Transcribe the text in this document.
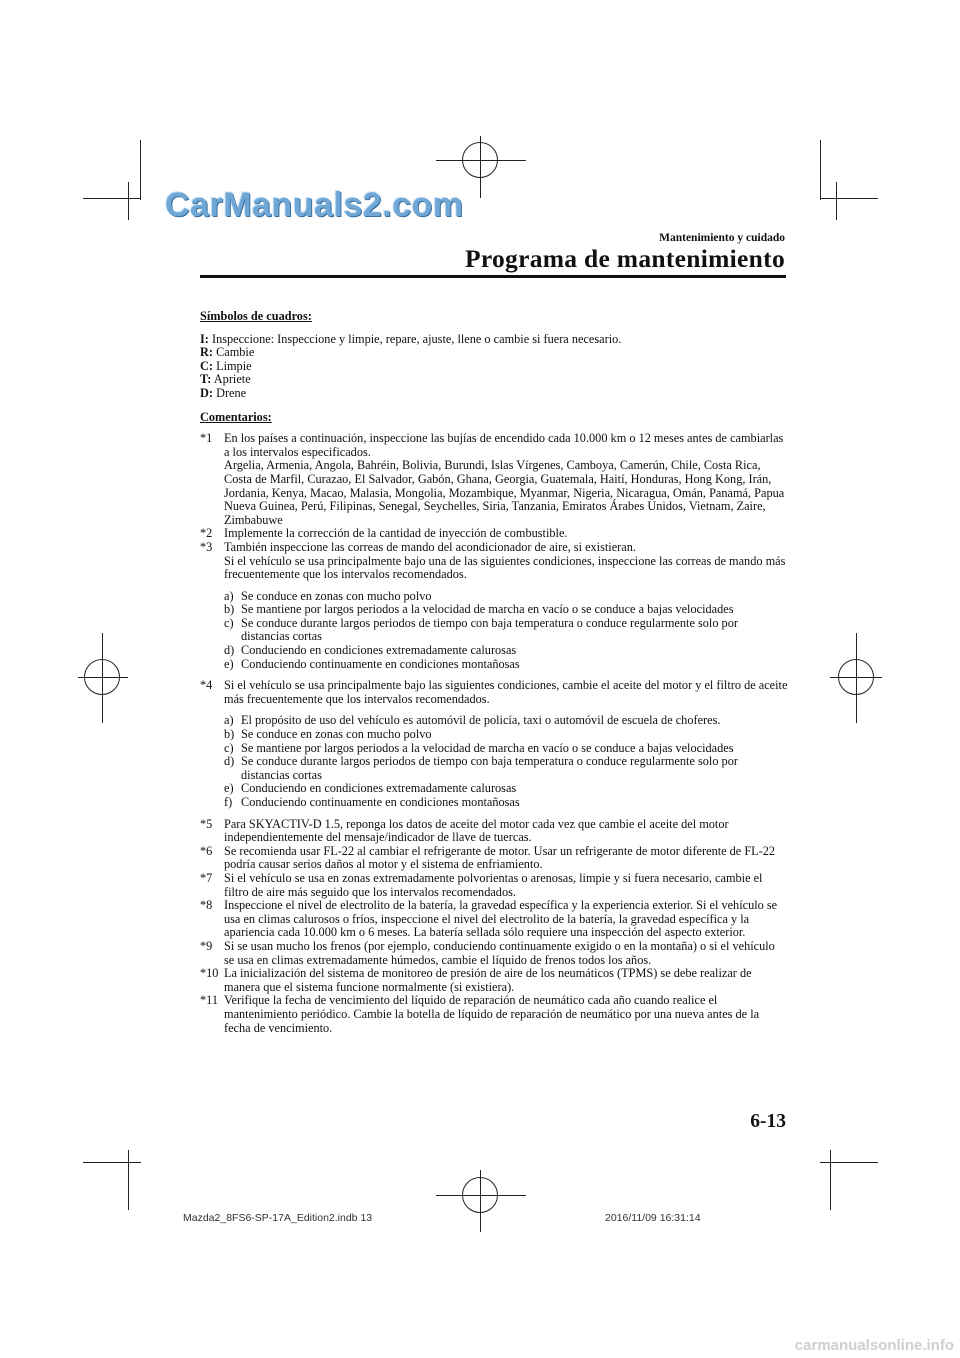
CarManuals2.com
Mantenimiento y cuidado
Programa de mantenimiento
Símbolos de cuadros:

I: Inspeccione: Inspeccione y limpie, repare, ajuste, llene o cambie si fuera necesario.

R: Cambie

C: Limpie

T: Apriete

D: Drene

Comentarios:
*1 En los países a continuación, inspeccione las bujías de encendido cada 10.000 km o 12 meses antes de cambiarlas a los intervalos especificados.
Argelia, Armenia, Angola, Bahréin, Bolivia, Burundi, Islas Vírgenes, Camboya, Camerún, Chile, Costa Rica, Costa de Marfil, Curazao, El Salvador, Gabón, Ghana, Georgia, Guatemala, Haití, Honduras, Hong Kong, Irán, Jordania, Kenya, Macao, Malasia, Mongolia, Mozambique, Myanmar, Nigeria, Nicaragua, Omán, Panamá, Papua Nueva Guinea, Perú, Filipinas, Senegal, Seychelles, Siria, Tanzania, Emiratos Árabes Unidos, Vietnam, Zaire, Zimbabuwe
*2 Implemente la corrección de la cantidad de inyección de combustible.
*3 También inspeccione las correas de mando del acondicionador de aire, si existieran.
Si el vehículo se usa principalmente bajo una de las siguientes condiciones, inspeccione las correas de mando más frecuentemente que los intervalos recomendados.
a) Se conduce en zonas con mucho polvo
b) Se mantiene por largos periodos a la velocidad de marcha en vacío o se conduce a bajas velocidades
c) Se conduce durante largos periodos de tiempo con baja temperatura o conduce regularmente solo por distancias cortas
d) Conduciendo en condiciones extremadamente calurosas
e) Conduciendo continuamente en condiciones montañosas
*4 Si el vehículo se usa principalmente bajo las siguientes condiciones, cambie el aceite del motor y el filtro de aceite más frecuentemente que los intervalos recomendados.
a) El propósito de uso del vehículo es automóvil de policía, taxi o automóvil de escuela de choferes.
b) Se conduce en zonas con mucho polvo
c) Se mantiene por largos periodos a la velocidad de marcha en vacío o se conduce a bajas velocidades
d) Se conduce durante largos periodos de tiempo con baja temperatura o conduce regularmente solo por distancias cortas
e) Conduciendo en condiciones extremadamente calurosas
f) Conduciendo continuamente en condiciones montañosas
*5 Para SKYACTIV-D 1.5, reponga los datos de aceite del motor cada vez que cambie el aceite del motor independientemente del mensaje/indicador de llave de tuercas.
*6 Se recomienda usar FL-22 al cambiar el refrigerante de motor. Usar un refrigerante de motor diferente de FL-22 podría causar serios daños al motor y el sistema de enfriamiento.
*7 Si el vehículo se usa en zonas extremadamente polvorientas o arenosas, limpie y si fuera necesario, cambie el filtro de aire más seguido que los intervalos recomendados.
*8 Inspeccione el nivel de electrolito de la batería, la gravedad específica y la experiencia exterior. Si el vehículo se usa en climas calurosos o fríos, inspeccione el nivel del electrolito de la batería, la gravedad específica y la apariencia cada 10.000 km o 6 meses. La batería sellada sólo requiere una inspección del aspecto exterior.
*9 Si se usan mucho los frenos (por ejemplo, conduciendo continuamente exigido o en la montaña) o si el vehículo se usa en climas extremadamente húmedos, cambie el líquido de frenos todos los años.
*10 La inicialización del sistema de monitoreo de presión de aire de los neumáticos (TPMS) se debe realizar de manera que el sistema funcione normalmente (si existiera).
*11 Verifique la fecha de vencimiento del líquido de reparación de neumático cada año cuando realice el mantenimiento periódico. Cambie la botella de líquido de reparación de neumático por una nueva antes de la fecha de vencimiento.
6-13
Mazda2_8FS6-SP-17A_Edition2.indb 13	2016/11/09 16:31:14
carmanualsonline.info
